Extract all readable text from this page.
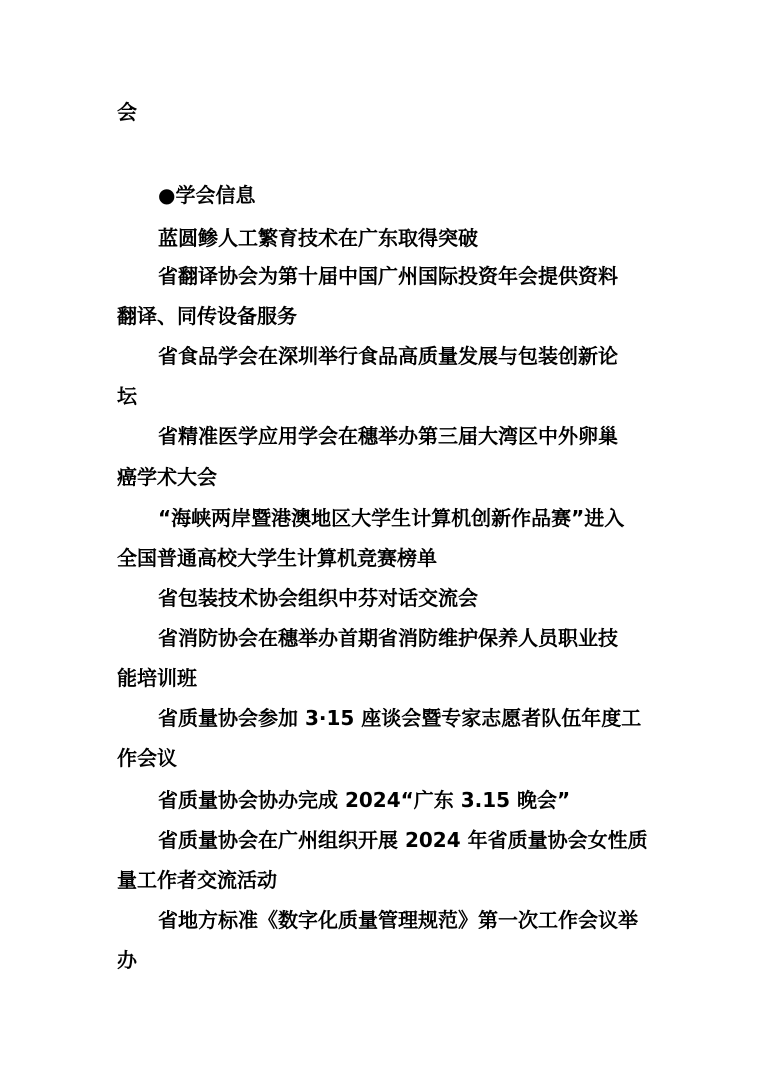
会

●学会信息

蓝圆鲹人工繁育技术在广东取得突破

省翻译协会为第十届中国广州国际投资年会提供资料

翻译、同传设备服务

省食品学会在深圳举行食品高质量发展与包装创新论

坛

省精准医学应用学会在穗举办第三届大湾区中外卵巢

癌学术大会

“海峡两岸暨港澳地区大学生计算机创新作品赛”进入

全国普通高校大学生计算机竞赛榜单

省包装技术协会组织中芬对话交流会

省消防协会在穗举办首期省消防维护保养人员职业技

能培训班

省质量协会参加 3·15 座谈会暨专家志愿者队伍年度工

作会议

省质量协会协办完成 2024“广东 3.15 晚会”

省质量协会在广州组织开展 2024 年省质量协会女性质

量工作者交流活动

省地方标准《数字化质量管理规范》第一次工作会议举

办
